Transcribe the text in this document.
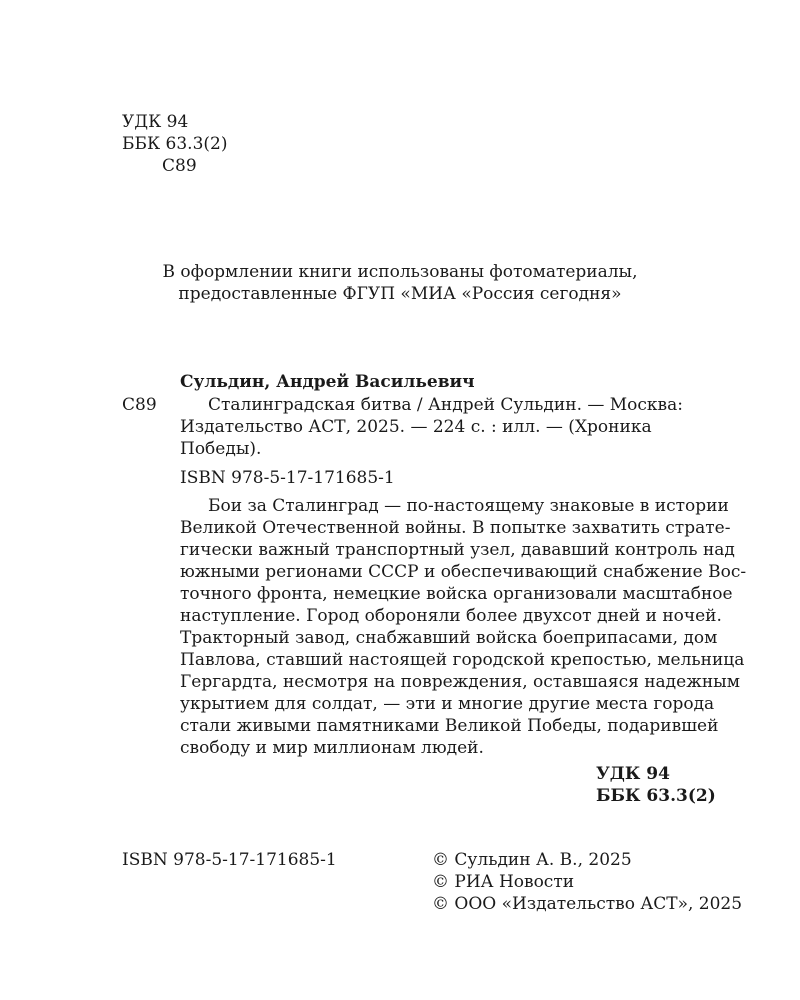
УДК 94
ББК 63.3(2)
С89
В оформлении книги использованы фотоматериалы,
предоставленные ФГУП «МИА «Россия сегодня»
Сульдин, Андрей Васильевич
С89	Сталинградская битва / Андрей Сульдин. — Москва:
Издательство АСТ, 2025. — 224 с. : илл. — (Хроника
Победы).
ISBN 978-5-17-171685-1
Бои за Сталинград — по-настоящему знаковые в истории
Великой Отечественной войны. В попытке захватить страте-
гически важный транспортный узел, дававший контроль над
южными регионами СССР и обеспечивающий снабжение Вос-
точного фронта, немецкие войска организовали масштабное
наступление. Город обороняли более двухсот дней и ночей.
Тракторный завод, снабжавший войска боеприпасами, дом
Павлова, ставший настоящей городской крепостью, мельница
Гергардта, несмотря на повреждения, оставшаяся надежным
укрытием для солдат, — эти и многие другие места города
стали живыми памятниками Великой Победы, подарившей
свободу и мир миллионам людей.
УДК 94
ББК 63.3(2)
ISBN 978-5-17-171685-1	© Сульдин А. В., 2025
© РИА Новости
© ООО «Издательство АСТ», 2025
